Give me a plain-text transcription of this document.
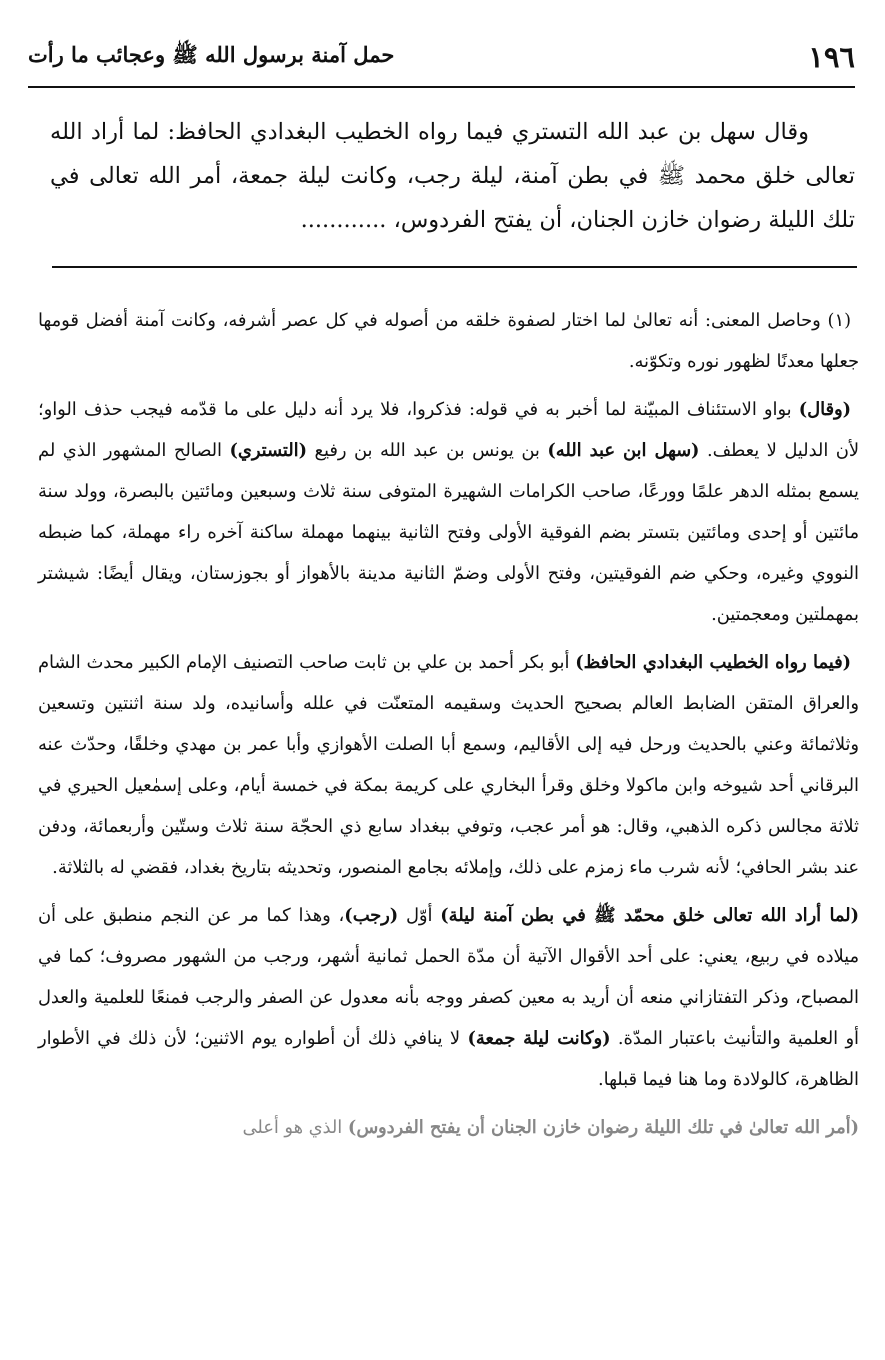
١٩٦
حمل آمنة برسول الله ﷺ وعجائب ما رأت

وقال سهل بن عبد الله التستري فيما رواه الخطيب البغدادي الحافظ: لما أراد الله تعالى خلق محمد ﷺ في بطن آمنة، ليلة رجب، وكانت ليلة جمعة، أمر الله تعالى في تلك الليلة رضوان خازن الجنان، أن يفتح الفردوس، ............

(١) وحاصل المعنى: أنه تعالىٰ لما اختار لصفوة خلقه من أصوله في كل عصر أشرفه، وكانت آمنة أفضل قومها جعلها معدنًا لظهور نوره وتكوّنه.

(وقال) بواو الاستئناف المبيّنة لما أخبر به في قوله: فذكروا، فلا يرد أنه دليل على ما قدّمه فيجب حذف الواو؛ لأن الدليل لا يعطف. (سهل ابن عبد الله) بن يونس بن عبد الله بن رفيع (التستري) الصالح المشهور الذي لم يسمع بمثله الدهر علمًا وورعًا، صاحب الكرامات الشهيرة المتوفى سنة ثلاث وسبعين ومائتين بالبصرة، وولد سنة مائتين أو إحدى ومائتين بتستر بضم الفوقية الأولى وفتح الثانية بينهما مهملة ساكنة آخره راء مهملة، كما ضبطه النووي وغيره، وحكي ضم الفوقيتين، وفتح الأولى وضمّ الثانية مدينة بالأهواز أو بجوزستان، ويقال أيضًا: شيشتر بمهملتين ومعجمتين.

(فيما رواه الخطيب البغدادي الحافظ) أبو بكر أحمد بن علي بن ثابت صاحب التصنيف الإمام الكبير محدث الشام والعراق المتقن الضابط العالم بصحيح الحديث وسقيمه المتعنّت في علله وأسانيده، ولد سنة اثنتين وتسعين وثلاثمائة وعني بالحديث ورحل فيه إلى الأقاليم، وسمع أبا الصلت الأهوازي وأبا عمر بن مهدي وخلقًا، وحدّث عنه البرقاني أحد شيوخه وابن ماكولا وخلق وقرأ البخاري على كريمة بمكة في خمسة أيام، وعلى إسمٰعيل الحيري في ثلاثة مجالس ذكره الذهبي، وقال: هو أمر عجب، وتوفي ببغداد سابع ذي الحجّة سنة ثلاث وستّين وأربعمائة، ودفن عند بشر الحافي؛ لأنه شرب ماء زمزم على ذلك، وإملائه بجامع المنصور، وتحديثه بتاريخ بغداد، فقضي له بالثلاثة.

(لما أراد الله تعالى خلق محمّد ﷺ في بطن آمنة ليلة) أوّل (رجب)، وهذا كما مر عن النجم منطبق على أن ميلاده في ربيع، يعني: على أحد الأقوال الآتية أن مدّة الحمل ثمانية أشهر، ورجب من الشهور مصروف؛ كما في المصباح، وذكر التفتازاني منعه أن أريد به معين كصفر ووجه بأنه معدول عن الصفر والرجب فمنعًا للعلمية والعدل أو العلمية والتأنيث باعتبار المدّة. (وكانت ليلة جمعة) لا ينافي ذلك أن أطواره يوم الاثنين؛ لأن ذلك في الأطوار الظاهرة، كالولادة وما هنا فيما قبلها.

(أمر الله تعالىٰ في تلك الليلة رضوان خازن الجنان أن يفتح الفردوس) الذي هو أعلى
